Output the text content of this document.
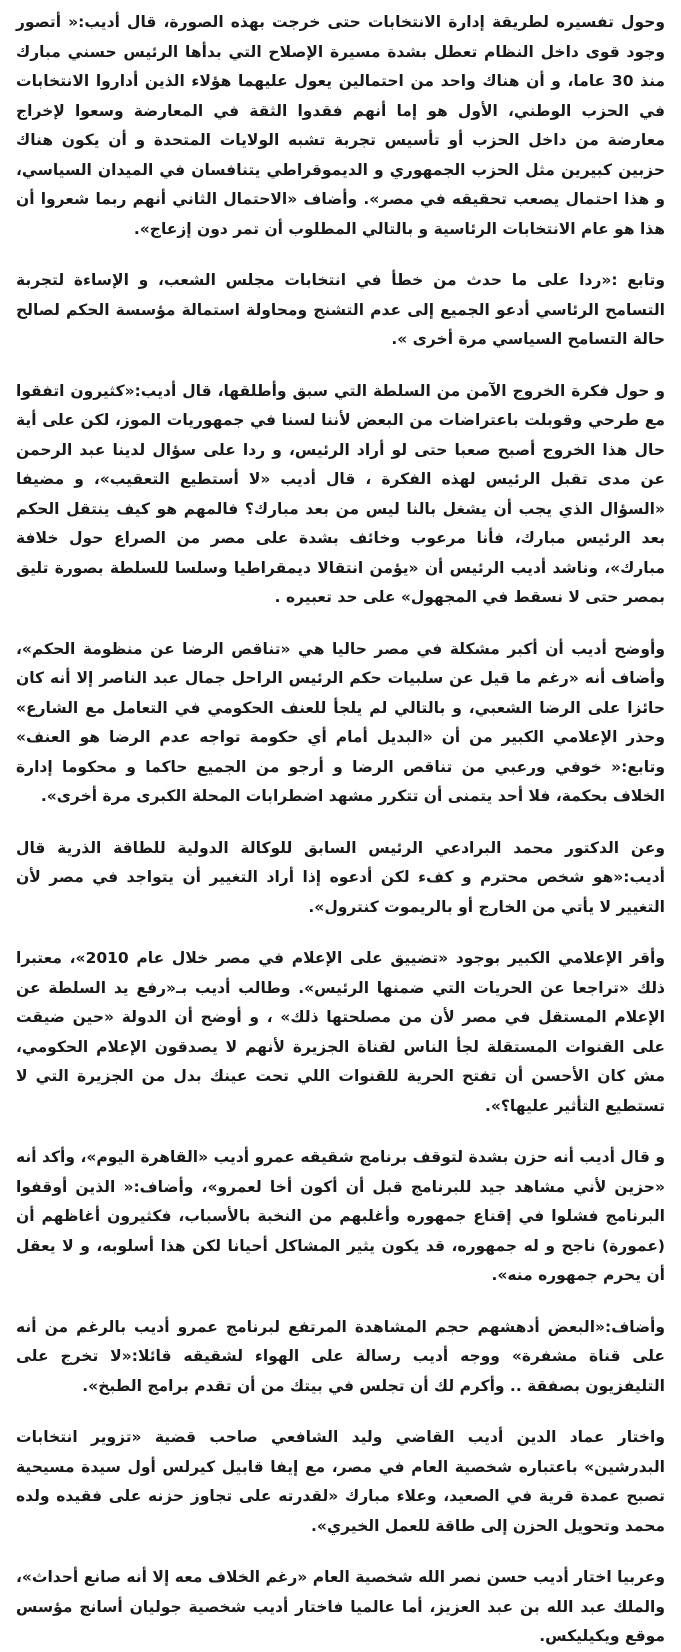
وحول تفسيره لطريقة إدارة الانتخابات حتى خرجت بهذه الصورة، قال أديب:« أتصور وجود قوى داخل النظام تعطل بشدة مسيرة الإصلاح التي بدأها الرئيس حسني مبارك منذ 30 عاما، و أن هناك واحد من احتمالين يعول عليهما هؤلاء الذين أداروا الانتخابات في الحزب الوطني، الأول هو إما أنهم فقدوا الثقة في المعارضة وسعوا لإخراج معارضة من داخل الحزب أو تأسيس تجربة تشبه الولايات المتحدة و أن يكون هناك حزبين كبيرين مثل الحزب الجمهوري و الديموقراطي يتنافسان في الميدان السياسي، و هذا احتمال يصعب تحقيقه في مصر». وأضاف «الاحتمال الثاني أنهم ربما شعروا أن هذا هو عام الانتخابات الرئاسية و بالتالي المطلوب أن تمر دون إزعاج».

وتابع :«ردا على ما حدث من خطأ في انتخابات مجلس الشعب، و الإساءة لتجربة التسامح الرئاسي أدعو الجميع إلى عدم التشنج ومحاولة استمالة مؤسسة الحكم لصالح حالة التسامح السياسي مرة أخرى ».

و حول فكرة الخروج الآمن من السلطة التي سبق وأطلقها، قال أديب:«كثيرون اتفقوا مع طرحي وقوبلت باعتراضات من البعض لأننا لسنا في جمهوريات الموز، لكن على أية حال هذا الخروج أصبح صعبا حتى لو أراد الرئيس، و ردا على سؤال لدينا عبد الرحمن عن مدى تقبل الرئيس لهذه الفكرة ، قال أديب «لا أستطيع التعقيب»، و مضيفا «السؤال الذي يجب أن يشغل بالنا ليس من بعد مبارك؟ فالمهم هو كيف ينتقل الحكم بعد الرئيس مبارك، فأنا مرعوب وخائف بشدة على مصر من الصراع حول خلافة مبارك»، وناشد أديب الرئيس أن «يؤمن انتقالا ديمقراطيا وسلسا للسلطة بصورة تليق بمصر حتى لا نسقط في المجهول» على حد تعبيره .

وأوضح أديب أن أكبر مشكلة في مصر حاليا هي «تناقص الرضا عن منظومة الحكم»، وأضاف أنه «رغم ما قيل عن سلبيات حكم الرئيس الراحل جمال عبد الناصر إلا أنه كان حائزا على الرضا الشعبي، و بالتالي لم يلجأ للعنف الحكومي في التعامل مع الشارع» وحذر الإعلامي الكبير من أن «البديل أمام أي حكومة تواجه عدم الرضا هو العنف» وتابع:« خوفي ورعبي من تناقص الرضا و أرجو من الجميع حاكما و محكوما إدارة الخلاف بحكمة، فلا أحد يتمنى أن تتكرر مشهد اضطرابات المحلة الكبرى مرة أخرى».

وعن الدكتور محمد البرادعي الرئيس السابق للوكالة الدولية للطاقة الذرية قال أديب:«هو شخص محترم و كفء لكن أدعوه إذا أراد التغيير أن يتواجد في مصر لأن التغيير لا يأتي من الخارج أو بالريموت كنترول».

وأقر الإعلامي الكبير بوجود «تضييق على الإعلام في مصر خلال عام 2010»، معتبرا ذلك «تراجعا عن الحريات التي ضمنها الرئيس». وطالب أديب بـ«رفع يد السلطة عن الإعلام المستقل في مصر لأن من مصلحتها ذلك» ، و أوضح أن الدولة «حين ضيقت على القنوات المستقلة لجأ الناس لقناة الجزيرة لأنهم لا يصدقون الإعلام الحكومي، مش كان الأحسن أن تفتح الحرية للقنوات اللي تحت عينك بدل من الجزيرة التي لا تستطيع التأثير عليها؟».

و قال أديب أنه حزن بشدة لتوقف برنامج شقيقه عمرو أديب «القاهرة اليوم»، وأكد أنه «حزين لأني مشاهد جيد للبرنامج قبل أن أكون أخا لعمرو»، وأضاف:« الذين أوقفوا البرنامج فشلوا في إقناع جمهوره وأغلبهم من النخبة بالأسباب، فكثيرون أغاظهم أن (عمورة) ناجح و له جمهوره، قد يكون يثير المشاكل أحيانا لكن هذا أسلوبه، و لا يعقل أن يحرم جمهوره منه».

وأضاف:«البعض أدهشهم حجم المشاهدة المرتفع لبرنامج عمرو أديب بالرغم من أنه على قناة مشفرة» ووجه أديب رسالة على الهواء لشقيقه قائلا:«لا تخرج على التليفزيون بصفقة .. وأكرم لك أن تجلس في بيتك من أن تقدم برامج الطبخ».

واختار عماد الدين أديب القاضي وليد الشافعي صاحب قضية «تزوير انتخابات البدرشين» باعتباره شخصية العام في مصر، مع إيفا قابيل كيرلس أول سيدة مسيحية تصبح عمدة قرية في الصعيد، وعلاء مبارك «لقدرته على تجاوز حزنه على فقيده ولده محمد وتحويل الحزن إلى طاقة للعمل الخيري».

وعربيا اختار أديب حسن نصر الله شخصية العام «رغم الخلاف معه إلا أنه صانع أحداث»، والملك عبد الله بن عبد العزيز، أما عالميا فاختار أديب شخصية جوليان أسانج مؤسس موقع ويكيليكس.
